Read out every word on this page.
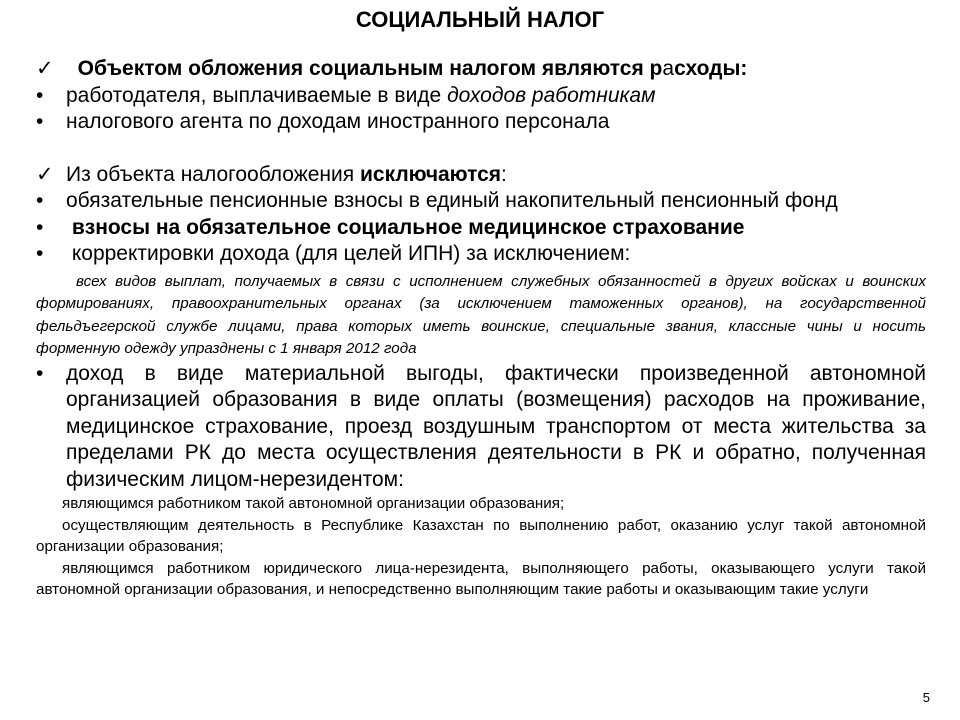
СОЦИАЛЬНЫЙ НАЛОГ
✓	Объектом обложения социальным налогом являются расходы:
•	работодателя, выплачиваемые в виде доходов работникам
•	налогового агента по доходам иностранного персонала
✓ Из объекта налогообложения исключаются:
•	обязательные пенсионные взносы в единый накопительный пенсионный фонд
•	взносы на обязательное социальное медицинское страхование
•	корректировки дохода (для целей ИПН) за исключением:
всех видов выплат, получаемых в связи с исполнением служебных обязанностей в других войсках и воинских формированиях, правоохранительных органах (за исключением таможенных органов), на государственной фельдъегерской службе лицами, права которых иметь воинские, специальные звания, классные чины и носить форменную одежду упразднены с 1 января 2012 года
•	доход в виде материальной выгоды, фактически произведенной автономной организацией образования в виде оплаты (возмещения) расходов на проживание, медицинское страхование, проезд воздушным транспортом от места жительства за пределами РК до места осуществления деятельности в РК и обратно, полученная физическим лицом-нерезидентом:
являющимся работником такой автономной организации образования;
осуществляющим деятельность в Республике Казахстан по выполнению работ, оказанию услуг такой автономной организации образования;
являющимся работником юридического лица-нерезидента, выполняющего работы, оказывающего услуги такой автономной организации образования, и непосредственно выполняющим такие работы и оказывающим такие услуги
5
